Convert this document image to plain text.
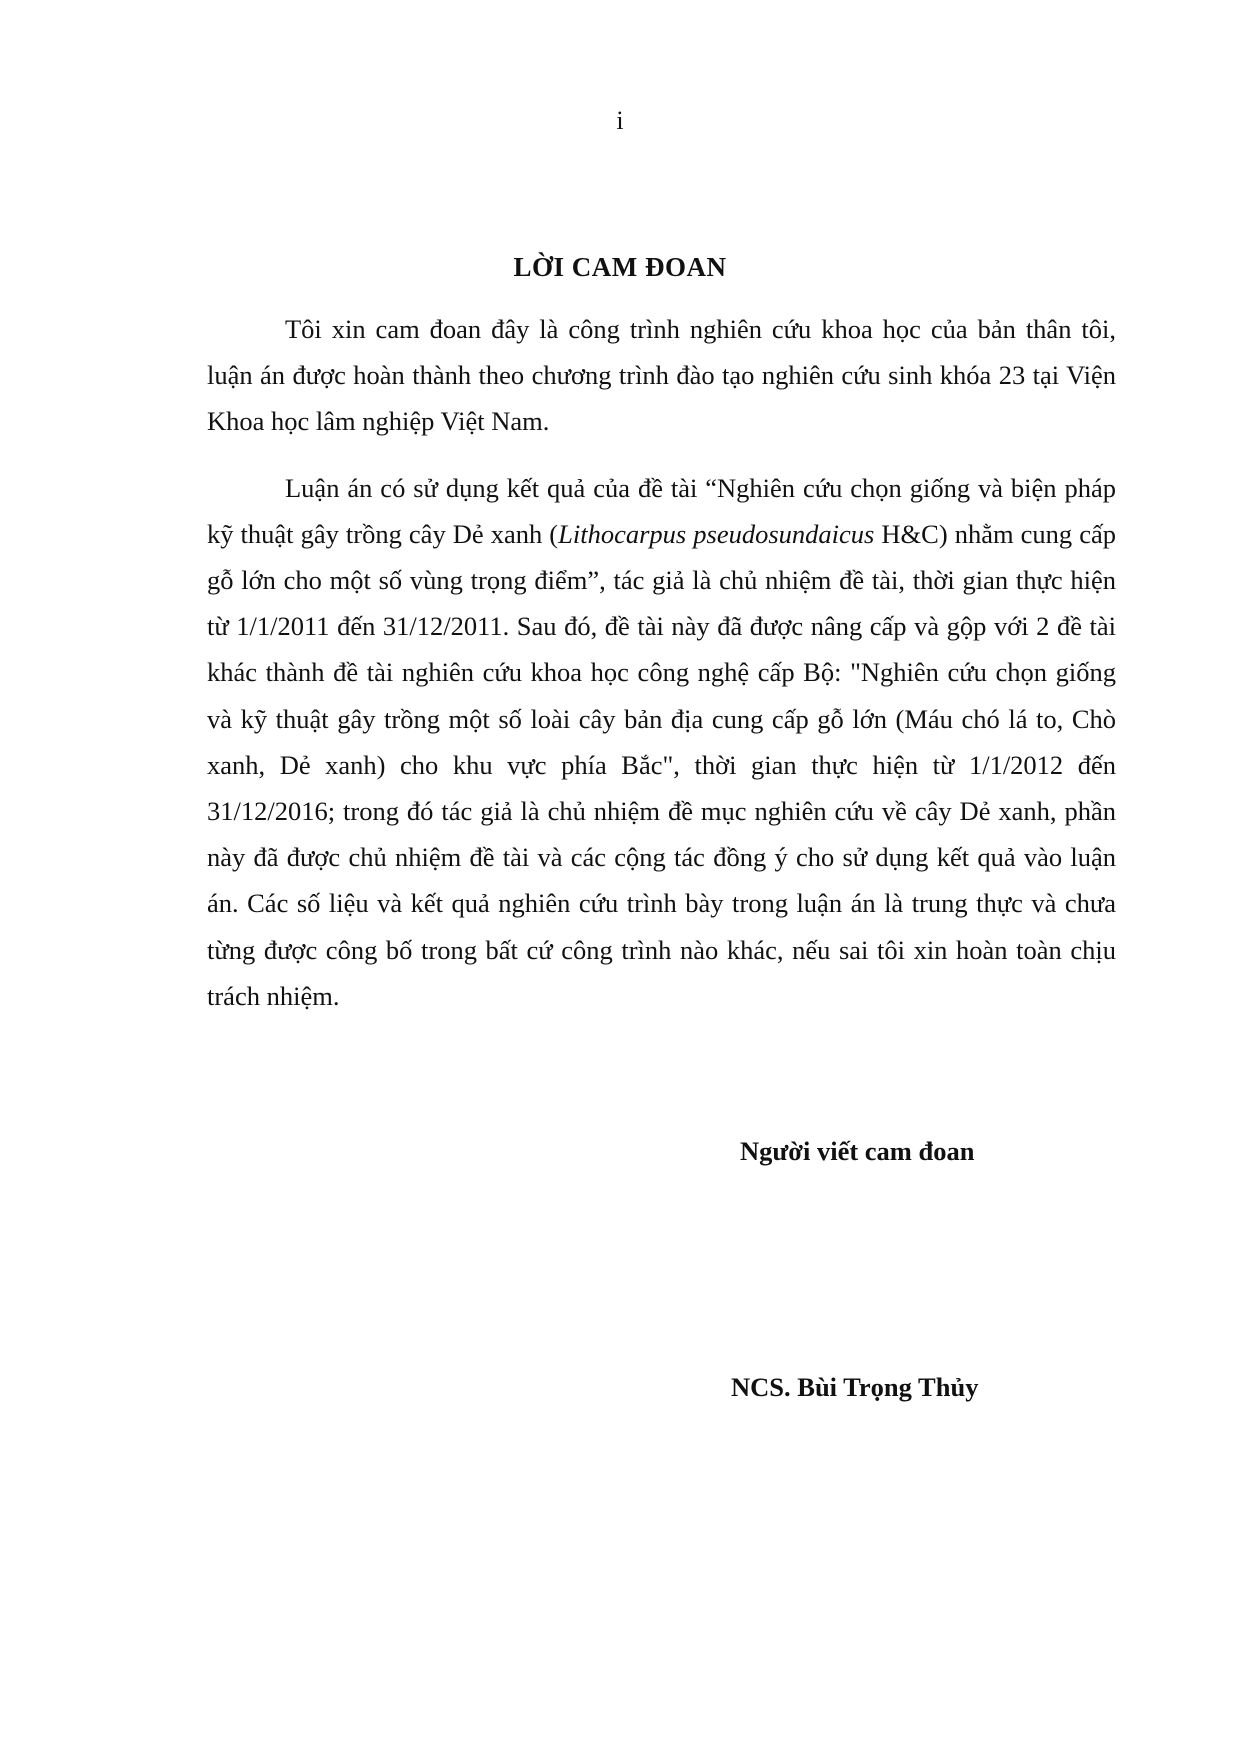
i
LỜI CAM ĐOAN

Tôi xin cam đoan đây là công trình nghiên cứu khoa học của bản thân tôi, luận án được hoàn thành theo chương trình đào tạo nghiên cứu sinh khóa 23 tại Viện Khoa học lâm nghiệp Việt Nam.

Luận án có sử dụng kết quả của đề tài “Nghiên cứu chọn giống và biện pháp kỹ thuật gây trồng cây Dẻ xanh (Lithocarpus pseudosundaicus H&C) nhằm cung cấp gỗ lớn cho một số vùng trọng điểm”, tác giả là chủ nhiệm đề tài, thời gian thực hiện từ 1/1/2011 đến 31/12/2011. Sau đó, đề tài này đã được nâng cấp và gộp với 2 đề tài khác thành đề tài nghiên cứu khoa học công nghệ cấp Bộ: "Nghiên cứu chọn giống và kỹ thuật gây trồng một số loài cây bản địa cung cấp gỗ lớn (Máu chó lá to, Chò xanh, Dẻ xanh) cho khu vực phía Bắc", thời gian thực hiện từ 1/1/2012 đến 31/12/2016; trong đó tác giả là chủ nhiệm đề mục nghiên cứu về cây Dẻ xanh, phần này đã được chủ nhiệm đề tài và các cộng tác đồng ý cho sử dụng kết quả vào luận án. Các số liệu và kết quả nghiên cứu trình bày trong luận án là trung thực và chưa từng được công bố trong bất cứ công trình nào khác, nếu sai tôi xin hoàn toàn chịu trách nhiệm.

Người viết cam đoan
NCS. Bùi Trọng Thủy
